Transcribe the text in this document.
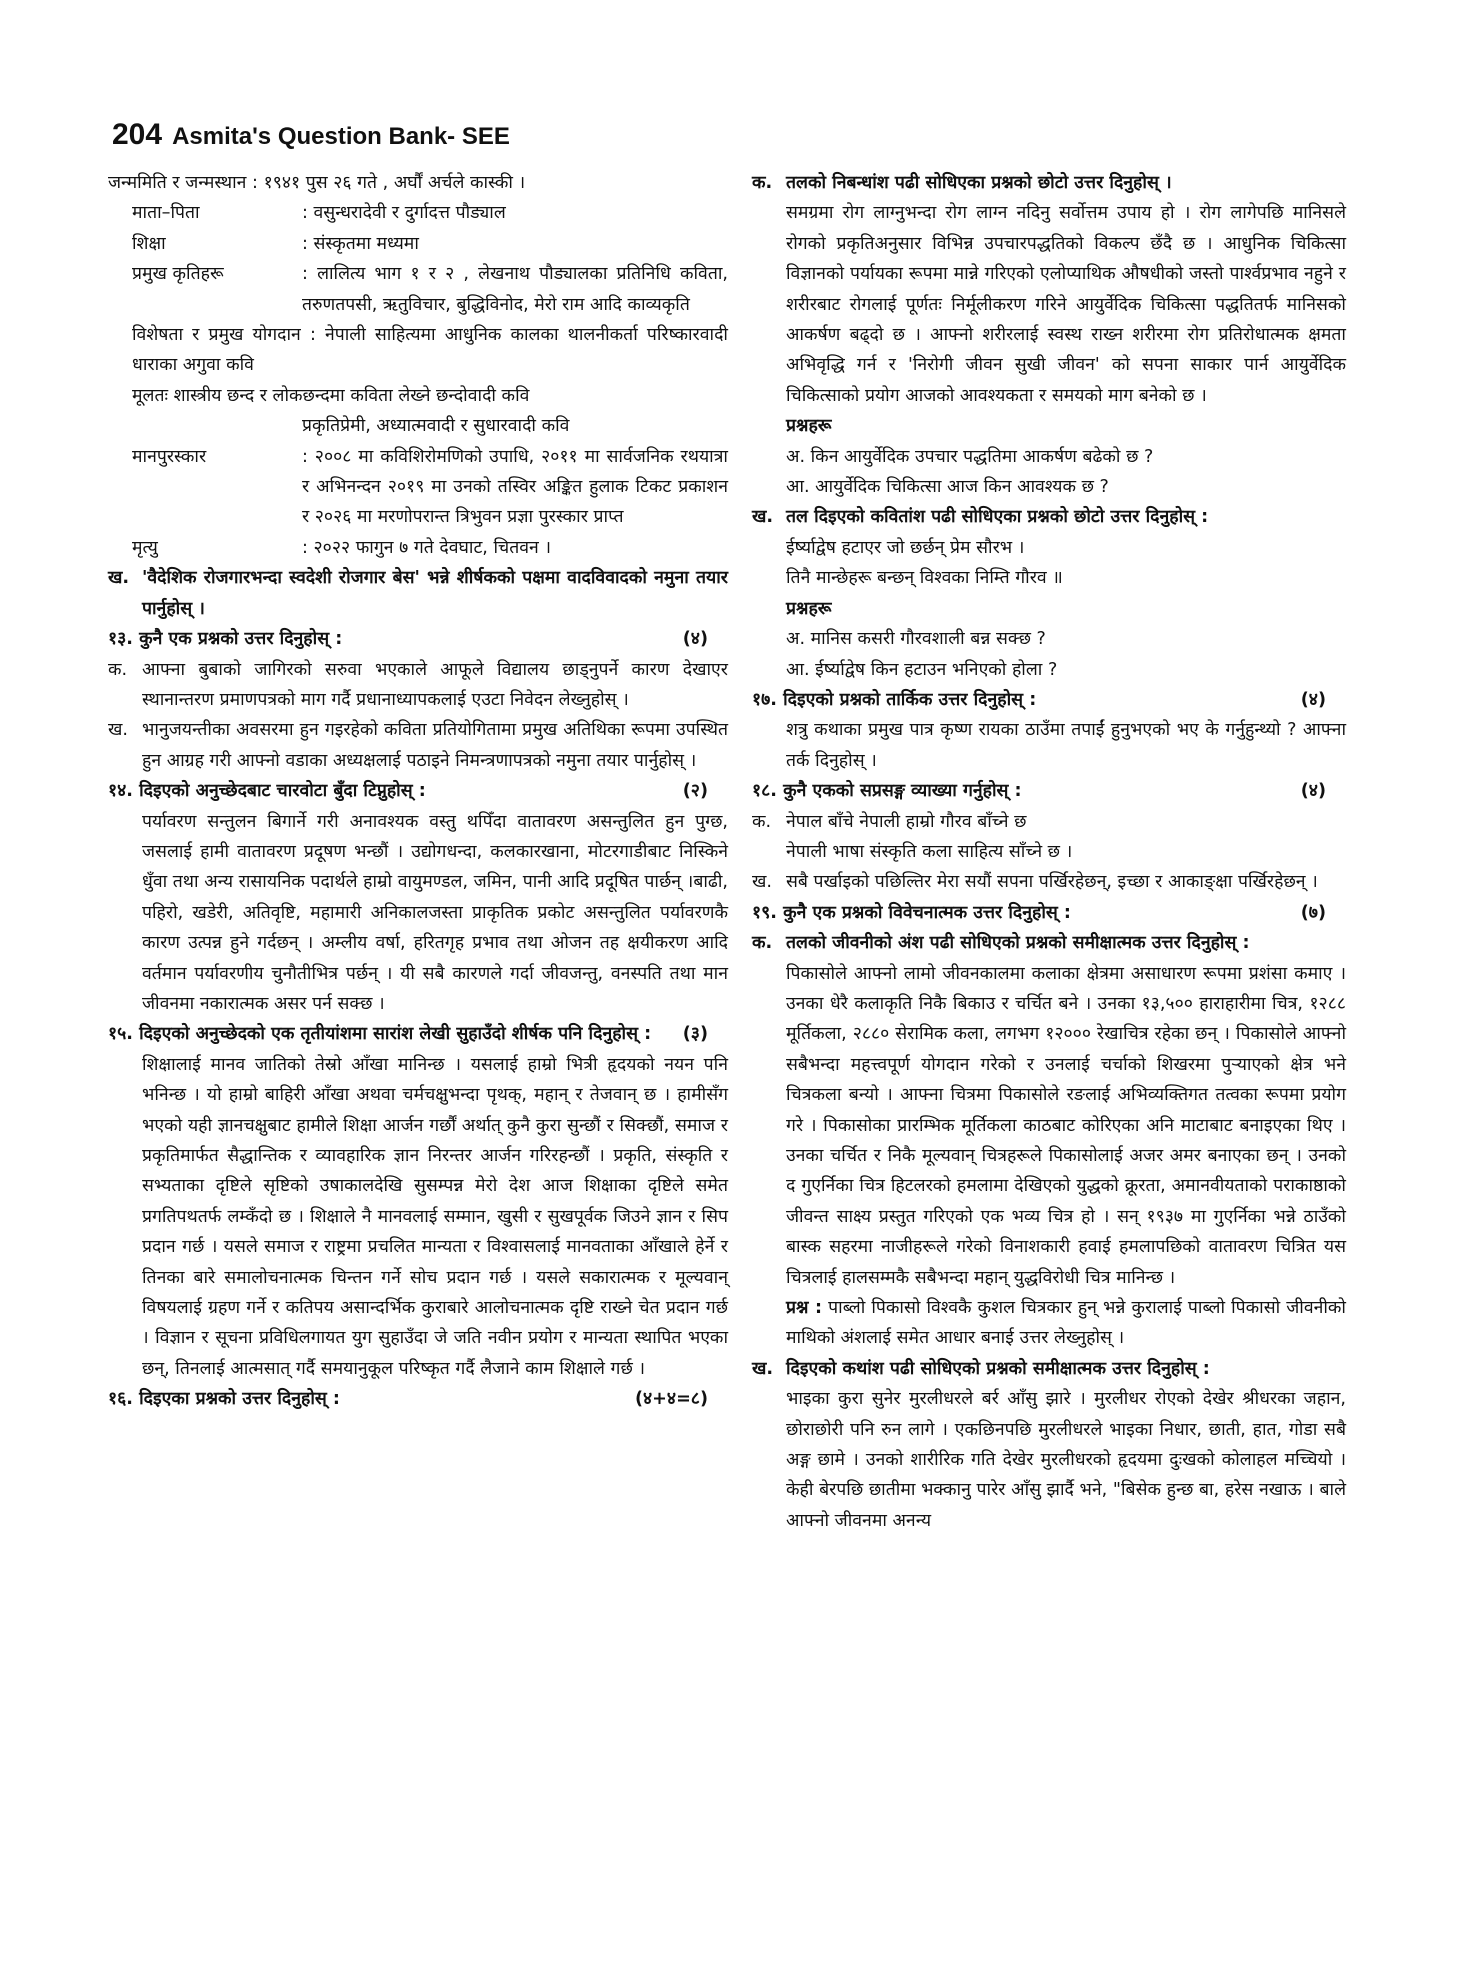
204 Asmita's Question Bank- SEE
जन्ममिति र जन्मस्थान : १९४१ पुस २६ गते , अर्घौं अर्चले कास्की ।
माता–पिता	: वसुन्धरादेवी र दुर्गादत्त पौड्याल
शिक्षा	: संस्कृतमा मध्यमा
प्रमुख कृतिहरू	: लालित्य भाग १ र २ , लेखनाथ पौड्यालका प्रतिनिधि कविता, तरुणतपसी, ऋतुविचार, बुद्धिविनोद, मेरो राम आदि काव्यकृति
विशेषता र प्रमुख योगदान : नेपाली साहित्यमा आधुनिक कालका थालनीकर्ता परिष्कारवादी धाराका अगुवा कवि
मूलतः शास्त्रीय छन्द र लोकछन्दमा कविता लेख्ने छन्दोवादी कवि
प्रकृतिप्रेमी, अध्यात्मवादी र सुधारवादी कवि
मानपुरस्कार	: २००८ मा कविशिरोमणिको उपाधि, २०११ मा सार्वजनिक रथयात्रा र अभिनन्दन २०१९ मा उनको तस्विर अङ्कित हुलाक टिकट प्रकाशन र २०२६ मा मरणोपरान्त त्रिभुवन प्रज्ञा पुरस्कार प्राप्त
मृत्यु	: २०२२ फागुन ७ गते देवघाट, चितवन ।
ख. 'वैदेशिक रोजगारभन्दा स्वदेशी रोजगार बेस' भन्ने शीर्षकको पक्षमा वादविवादको नमुना तयार पार्नुहोस् ।
१३. कुनै एक प्रश्नको उत्तर दिनुहोस् :	(४)
क. आफ्ना बुबाको जागिरको सरुवा भएकाले आफूले विद्यालय छाड्नुपर्ने कारण देखाएर स्थानान्तरण प्रमाणपत्रको माग गर्दै प्रधानाध्यापकलाई एउटा निवेदन लेख्नुहोस् ।
ख. भानुजयन्तीका अवसरमा हुन गइरहेको कविता प्रतियोगितामा प्रमुख अतिथिका रूपमा उपस्थित हुन आग्रह गरी आफ्नो वडाका अध्यक्षलाई पठाइने निमन्त्रणापत्रको नमुना तयार पार्नुहोस् ।
१४. दिइएको अनुच्छेदबाट चारवोटा बुँदा टिप्नुहोस् :	(२)

पर्यावरण सन्तुलन बिगार्ने गरी अनावश्यक वस्तु थपिँदा वातावरण असन्तुलित हुन पुग्छ, जसलाई हामी वातावरण प्रदूषण भन्छौं । उद्योगधन्दा, कलकारखाना, मोटरगाडीबाट निस्किने धुँवा तथा अन्य रासायनिक पदार्थले हाम्रो वायुमण्डल, जमिन, पानी आदि प्रदूषित पार्छन् ।बाढी, पहिरो, खडेरी, अतिवृष्टि, महामारी अनिकालजस्ता प्राकृतिक प्रकोट असन्तुलित पर्यावरणकै कारण उत्पन्न हुने गर्दछन् । अम्लीय वर्षा, हरितगृह प्रभाव तथा ओजन तह क्षयीकरण आदि वर्तमान पर्यावरणीय चुनौतीभित्र पर्छन् । यी सबै कारणले गर्दा जीवजन्तु, वनस्पति तथा मान जीवनमा नकारात्मक असर पर्न सक्छ ।

१५. दिइएको अनुच्छेदको एक तृतीयांशमा सारांश लेखी सुहाउँदो शीर्षक पनि दिनुहोस् :	(३)

शिक्षालाई मानव जातिको तेस्रो आँखा मानिन्छ । यसलाई हाम्रो भित्री हृदयको नयन पनि भनिन्छ । यो हाम्रो बाहिरी आँखा अथवा चर्मचक्षुभन्दा पृथक्, महान् र तेजवान् छ । हामीसँग भएको यही ज्ञानचक्षुबाट हामीले शिक्षा आर्जन गर्छौं अर्थात् कुनै कुरा सुन्छौं र सिक्छौं, समाज र प्रकृतिमार्फत सैद्धान्तिक र व्यावहारिक ज्ञान निरन्तर आर्जन गरिरहन्छौं । प्रकृति, संस्कृति र सभ्यताका दृष्टिले सृष्टिको उषाकालदेखि सुसम्पन्न मेरो देश आज शिक्षाका दृष्टिले समेत प्रगतिपथतर्फ लम्कँदो छ । शिक्षाले नै मानवलाई सम्मान, खुसी र सुखपूर्वक जिउने ज्ञान र सिप प्रदान गर्छ । यसले समाज र राष्ट्रमा प्रचलित मान्यता र विश्वासलाई मानवताका आँखाले हेर्ने र तिनका बारे समालोचनात्मक चिन्तन गर्ने सोच प्रदान गर्छ । यसले सकारात्मक र मूल्यवान् विषयलाई ग्रहण गर्ने र कतिपय असान्दर्भिक कुराबारे आलोचनात्मक दृष्टि राख्ने चेत प्रदान गर्छ । विज्ञान र सूचना प्रविधिलगायत युग सुहाउँदा जे जति नवीन प्रयोग र मान्यता स्थापित भएका छन्, तिनलाई आत्मसात् गर्दै समयानुकूल परिष्कृत गर्दै लैजाने काम शिक्षाले गर्छ ।

१६. दिइएका प्रश्नको उत्तर दिनुहोस् :	(४+४=८)
क. तलको निबन्धांश पढी सोधिएका प्रश्नको छोटो उत्तर दिनुहोस् ।

समग्रमा रोग लाग्नुभन्दा रोग लाग्न नदिनु सर्वोत्तम उपाय हो । रोग लागेपछि मानिसले रोगको प्रकृतिअनुसार विभिन्न उपचारपद्धतिको विकल्प छँदै छ । आधुनिक चिकित्सा विज्ञानको पर्यायका रूपमा मान्ने गरिएको एलोप्याथिक औषधीको जस्तो पार्श्वप्रभाव नहुने र शरीरबाट रोगलाई पूर्णतः निर्मूलीकरण गरिने आयुर्वेदिक चिकित्सा पद्धतितर्फ मानिसको आकर्षण बढ्दो छ । आफ्नो शरीरलाई स्वस्थ राख्न शरीरमा रोग प्रतिरोधात्मक क्षमता अभिवृद्धि गर्न र 'निरोगी जीवन सुखी जीवन' को सपना साकार पार्न आयुर्वेदिक चिकित्साको प्रयोग आजको आवश्यकता र समयको माग बनेको छ ।

प्रश्नहरू

अ. किन आयुर्वेदिक उपचार पद्धतिमा आकर्षण बढेको छ ?

आ. आयुर्वेदिक चिकित्सा आज किन आवश्यक छ ?

ख. तल दिइएको कवितांश पढी सोधिएका प्रश्नको छोटो उत्तर दिनुहोस् :

ईर्ष्याद्वेष हटाएर जो छर्छन् प्रेम सौरभ ।

तिनै मान्छेहरू बन्छन् विश्वका निम्ति गौरव ॥

प्रश्नहरू

अ. मानिस कसरी गौरवशाली बन्न सक्छ ?

आ. ईर्ष्याद्वेष किन हटाउन भनिएको होला ?

१७. दिइएको प्रश्नको तार्किक उत्तर दिनुहोस् :	(४)

शत्रु कथाका प्रमुख पात्र कृष्ण रायका ठाउँमा तपाईं हुनुभएको भए के गर्नुहुन्थ्यो ? आफ्ना तर्क दिनुहोस् ।

१८. कुनै एकको सप्रसङ्ग व्याख्या गर्नुहोस् :	(४)
क. नेपाल बाँचे नेपाली हाम्रो गौरव बाँच्ने छ

नेपाली भाषा संस्कृति कला साहित्य साँच्ने छ ।

ख. सबै पर्खाइको पछिल्तिर मेरा सयौं सपना पर्खिरहेछन्, इच्छा र आकाङ्क्षा पर्खिरहेछन् ।
१९. कुनै एक प्रश्नको विवेचनात्मक उत्तर दिनुहोस् :	(७)
क. तलको जीवनीको अंश पढी सोधिएको प्रश्नको समीक्षात्मक उत्तर दिनुहोस् :

पिकासोले आफ्नो लामो जीवनकालमा कलाका क्षेत्रमा असाधारण रूपमा प्रशंसा कमाए । उनका धेरै कलाकृति निकै बिकाउ र चर्चित बने । उनका १३,५०० हाराहारीमा चित्र, १२८८ मूर्तिकला, २८८० सेरामिक कला, लगभग १२००० रेखाचित्र रहेका छन् । पिकासोले आफ्नो सबैभन्दा महत्त्वपूर्ण योगदान गरेको र उनलाई चर्चाको शिखरमा पुऱ्याएको क्षेत्र भने चित्रकला बन्यो । आफ्ना चित्रमा पिकासोले रङलाई अभिव्यक्तिगत तत्वका रूपमा प्रयोग गरे । पिकासोका प्रारम्भिक मूर्तिकला काठबाट कोरिएका अनि माटाबाट बनाइएका थिए । उनका चर्चित र निकै मूल्यवान् चित्रहरूले पिकासोलाई अजर अमर बनाएका छन् । उनको द गुएर्निका चित्र हिटलरको हमलामा देखिएको युद्धको क्रूरता, अमानवीयताको पराकाष्ठाको जीवन्त साक्ष्य प्रस्तुत गरिएको एक भव्य चित्र हो । सन् १९३७ मा गुएर्निका भन्ने ठाउँको बास्क सहरमा नाजीहरूले गरेको विनाशकारी हवाई हमलापछिको वातावरण चित्रित यस चित्रलाई हालसम्मकै सबैभन्दा महान् युद्धविरोधी चित्र मानिन्छ ।

प्रश्न : पाब्लो पिकासो विश्वकै कुशल चित्रकार हुन् भन्ने कुरालाई पाब्लो पिकासो जीवनीको माथिको अंशलाई समेत आधार बनाई उत्तर लेख्नुहोस् ।

ख. दिइएको कथांश पढी सोधिएको प्रश्नको समीक्षात्मक उत्तर दिनुहोस् :

भाइका कुरा सुनेर मुरलीधरले बर्र आँसु झारे । मुरलीधर रोएको देखेर श्रीधरका जहान, छोराछोरी पनि रुन लागे । एकछिनपछि मुरलीधरले भाइका निधार, छाती, हात, गोडा सबै अङ्ग छामे । उनको शारीरिक गति देखेर मुरलीधरको हृदयमा दुःखको कोलाहल मच्चियो । केही बेरपछि छातीमा भक्कानु पारेर आँसु झार्दै भने, "बिसेक हुन्छ बा, हरेस नखाऊ । बाले आफ्नो जीवनमा अनन्य
